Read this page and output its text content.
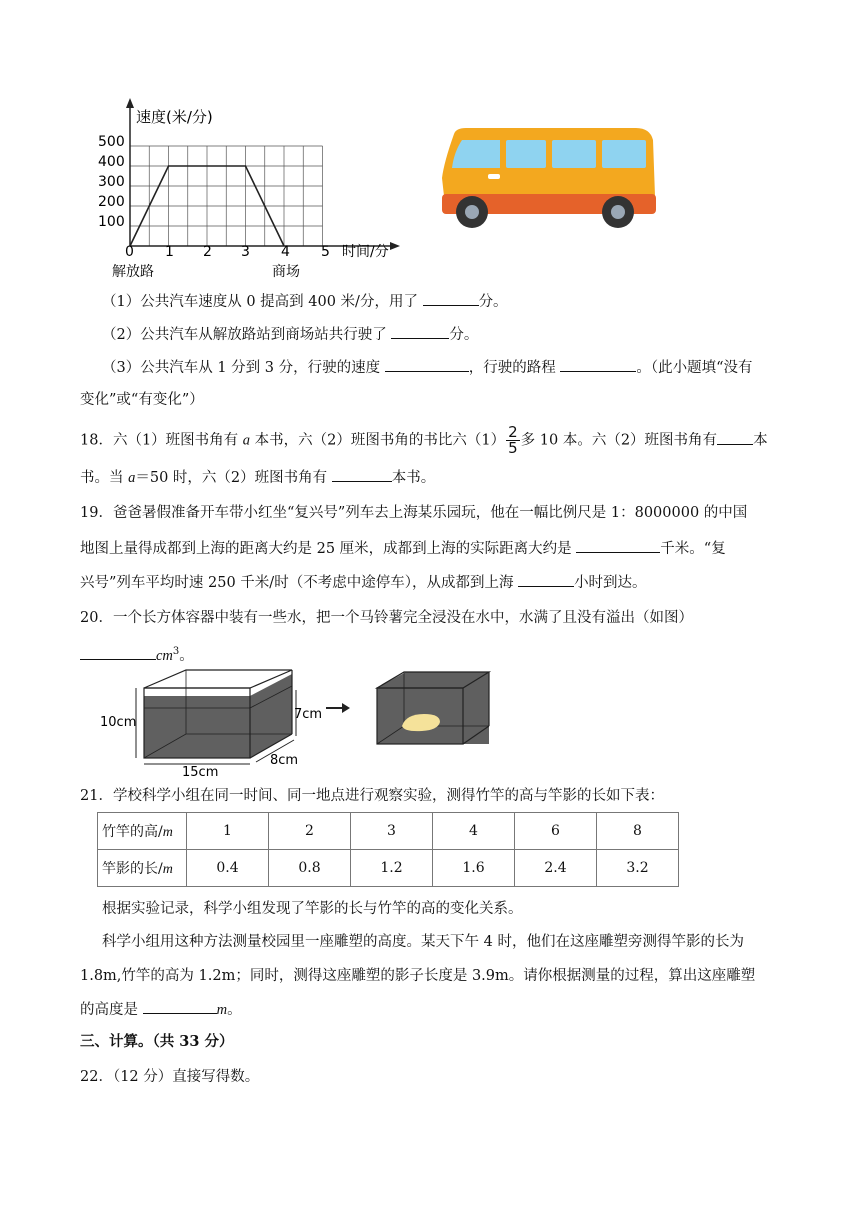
速度(米/分)
500
400
300
200
100
0 1 2 3 4 5 时间/分
解放路	商场
（1）公共汽车速度从 0 提高到 400 米/分，用了	分。
（2）公共汽车从解放路站到商场站共行驶了	分。
（3）公共汽车从 1 分到 3 分，行驶的速度	，行驶的路程	。（此小题填“没有
变化”或“有变化”）
18．六（1）班图书角有 a 本书，六（2）班图书角的书比六$(1) \frac{2}{5}$ 多 10 本。六（2）班图书角有 本
书。当 a＝50 时，六（2）班图书角有	本书。
19．爸爸暑假准备开车带小红坐“复兴号”列车去上海某乐园玩，他在一幅比例尺是 1：8000000 的中国
地图上量得成都到上海的距离大约是 25 厘米，成都到上海的实际距离大约是	千米。“复
兴号”列车平均时速 250 千米/时（不考虑中途停车），从成都到上海	小时到达。
20．一个长方体容器中装有一些水，把一个马铃薯完全浸没在水中，水满了且没有溢出（如图）
$cm^3$。
10cm
15cm
8cm
7cm
21．学校科学小组在同一时间、同一地点进行观察实验，测得竹竿的高与竿影的长如下表：
竹竿的高/m	1	2	3	4	6	8
竿影的长/m	0.4	0.8	1.2	1.6	2.4	3.2
根据实验记录，科学小组发现了竿影的长与竹竿的高的变化关系。
科学小组用这种方法测量校园里一座雕塑的高度。某天下午 4 时，他们在这座雕塑旁测得竿影的长为
1.8m,竹竿的高为 1.2m；同时，测得这座雕塑的影子长度是 3.9m。请你根据测量的过程，算出这座雕塑
的高度是	m。
三、计算。（共 33 分）
22．（12 分）直接写得数。
